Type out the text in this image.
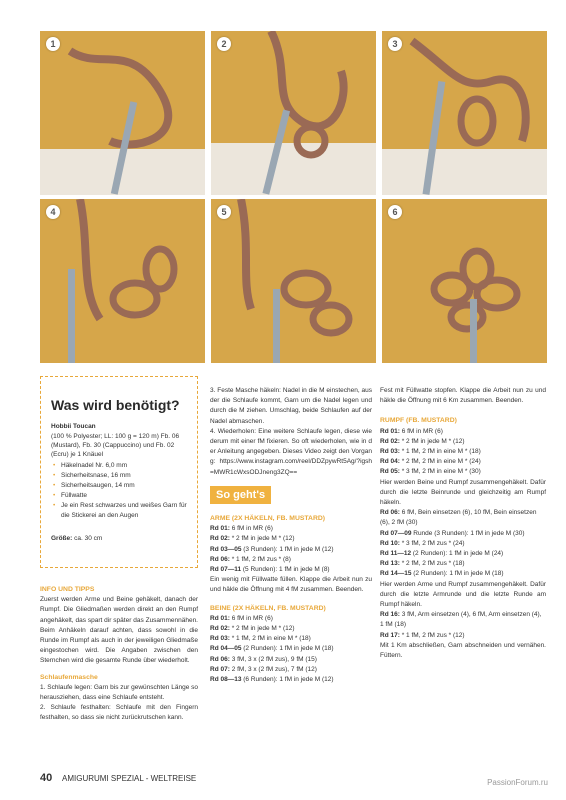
1	2	3
4	5	6
Was wird benötigt?
Hobbii Toucan
(100 % Polyester; LL: 100 g = 120 m) Fb. 06 (Mustard), Fb. 30 (Cappuccino) und Fb. 02 (Ecru) je 1 Knäuel
• Häkelnadel Nr. 6,0 mm
• Sicherheitsnase, 16 mm
• Sicherheitsaugen, 14 mm
• Füllwatte
• Je ein Rest schwarzes und weißes Garn für die Stickerei an den Augen
Größe: ca. 30 cm
INFO UND TIPPS

Zuerst werden Arme und Beine gehäkelt, danach der Rumpf. Die Gliedmaßen werden direkt an den Rumpf angehäkelt, das spart dir später das Zusammennähen. Beim Anhäkeln darauf achten, dass sowohl in die Runde im Rumpf als auch in der jeweiligen Gliedmaße eingestochen wird. Die Angaben zwischen den Sternchen wird die gesamte Runde über wiederholt.

Schlaufenmasche

1. Schlaufe legen: Garn bis zur gewünschten Länge so herausziehen, dass eine Schlaufe entsteht.

2. Schlaufe festhalten: Schlaufe mit den Fingern festhalten, so dass sie nicht zurückrutschen kann.

3. Feste Masche häkeln: Nadel in die M einstechen, aus der die Schlaufe kommt, Garn um die Nadel legen und durch die M ziehen. Umschlag, beide Schlaufen auf der Nadel abmaschen.

4. Wiederholen: Eine weitere Schlaufe legen, diese wiederum mit einer fM fixieren. So oft wiederholen, wie in der Anleitung angegeben. Dieses Video zeigt den Vorgang: https://www.instagram.com/reel/DDZpywRt5Ag/?igsh=MWR1cWxsODJneng3ZQ==

So geht's
ARME (2X HÄKELN, FB. MUSTARD)
Rd 01: 6 fM in MR (6)
Rd 02: * 2 fM in jede M * (12)
Rd 03—05 (3 Runden): 1 fM in jede M (12)
Rd 06: * 1 fM, 2 fM zus * (8)
Rd 07—11 (5 Runden): 1 fM in jede M (8)

Ein wenig mit Füllwatte füllen. Klappe die Arbeit nun zu und häkle die Öffnung mit 4 fM zusammen. Beenden.

BEINE (2X HÄKELN, FB. MUSTARD)
Rd 01: 6 fM in MR (6)
Rd 02: * 2 fM in jede M * (12)
Rd 03: * 1 fM, 2 fM in eine M * (18)
Rd 04—05 (2 Runden): 1 fM in jede M (18)
Rd 06: 3 fM, 3 x (2 fM zus), 9 fM (15)
Rd 07: 2 fM, 3 x (2 fM zus), 7 fM (12)
Rd 08—13 (6 Runden): 1 fM in jede M (12)

Fest mit Füllwatte stopfen. Klappe die Arbeit nun zu und häkle die Öffnung mit 6 Km zusammen. Beenden.

RUMPF (FB. MUSTARD)
Rd 01: 6 fM in MR (6)
Rd 02: * 2 fM in jede M * (12)
Rd 03: * 1 fM, 2 fM in eine M * (18)
Rd 04: * 2 fM, 2 fM in eine M * (24)
Rd 05: * 3 fM, 2 fM in eine M * (30)

Hier werden Beine und Rumpf zusammengehäkelt. Dafür durch die letzte Beinrunde und gleichzeitig am Rumpf häkeln.

Rd 06: 6 fM, Bein einsetzen (6), 10 fM, Bein einsetzen (6), 2 fM (30)
Rd 07—09 Runde (3 Runden): 1 fM in jede M (30)
Rd 10: * 3 fM, 2 fM zus * (24)
Rd 11—12 (2 Runden): 1 fM in jede M (24)
Rd 13: * 2 fM, 2 fM zus * (18)
Rd 14—15 (2 Runden): 1 fM in jede M (18)

Hier werden Arme und Rumpf zusammengehäkelt. Dafür durch die letzte Armrunde und die letzte Runde am Rumpf häkeln.

Rd 16: 3 fM, Arm einsetzen (4), 6 fM, Arm einsetzen (4), 1 fM (18)
Rd 17: * 1 fM, 2 fM zus * (12)

Mit 1 Km abschließen, Garn abschneiden und vernähen. Füttern.

40 AMIGURUMI SPEZIAL - WELTREISE	PassionForum.ru
